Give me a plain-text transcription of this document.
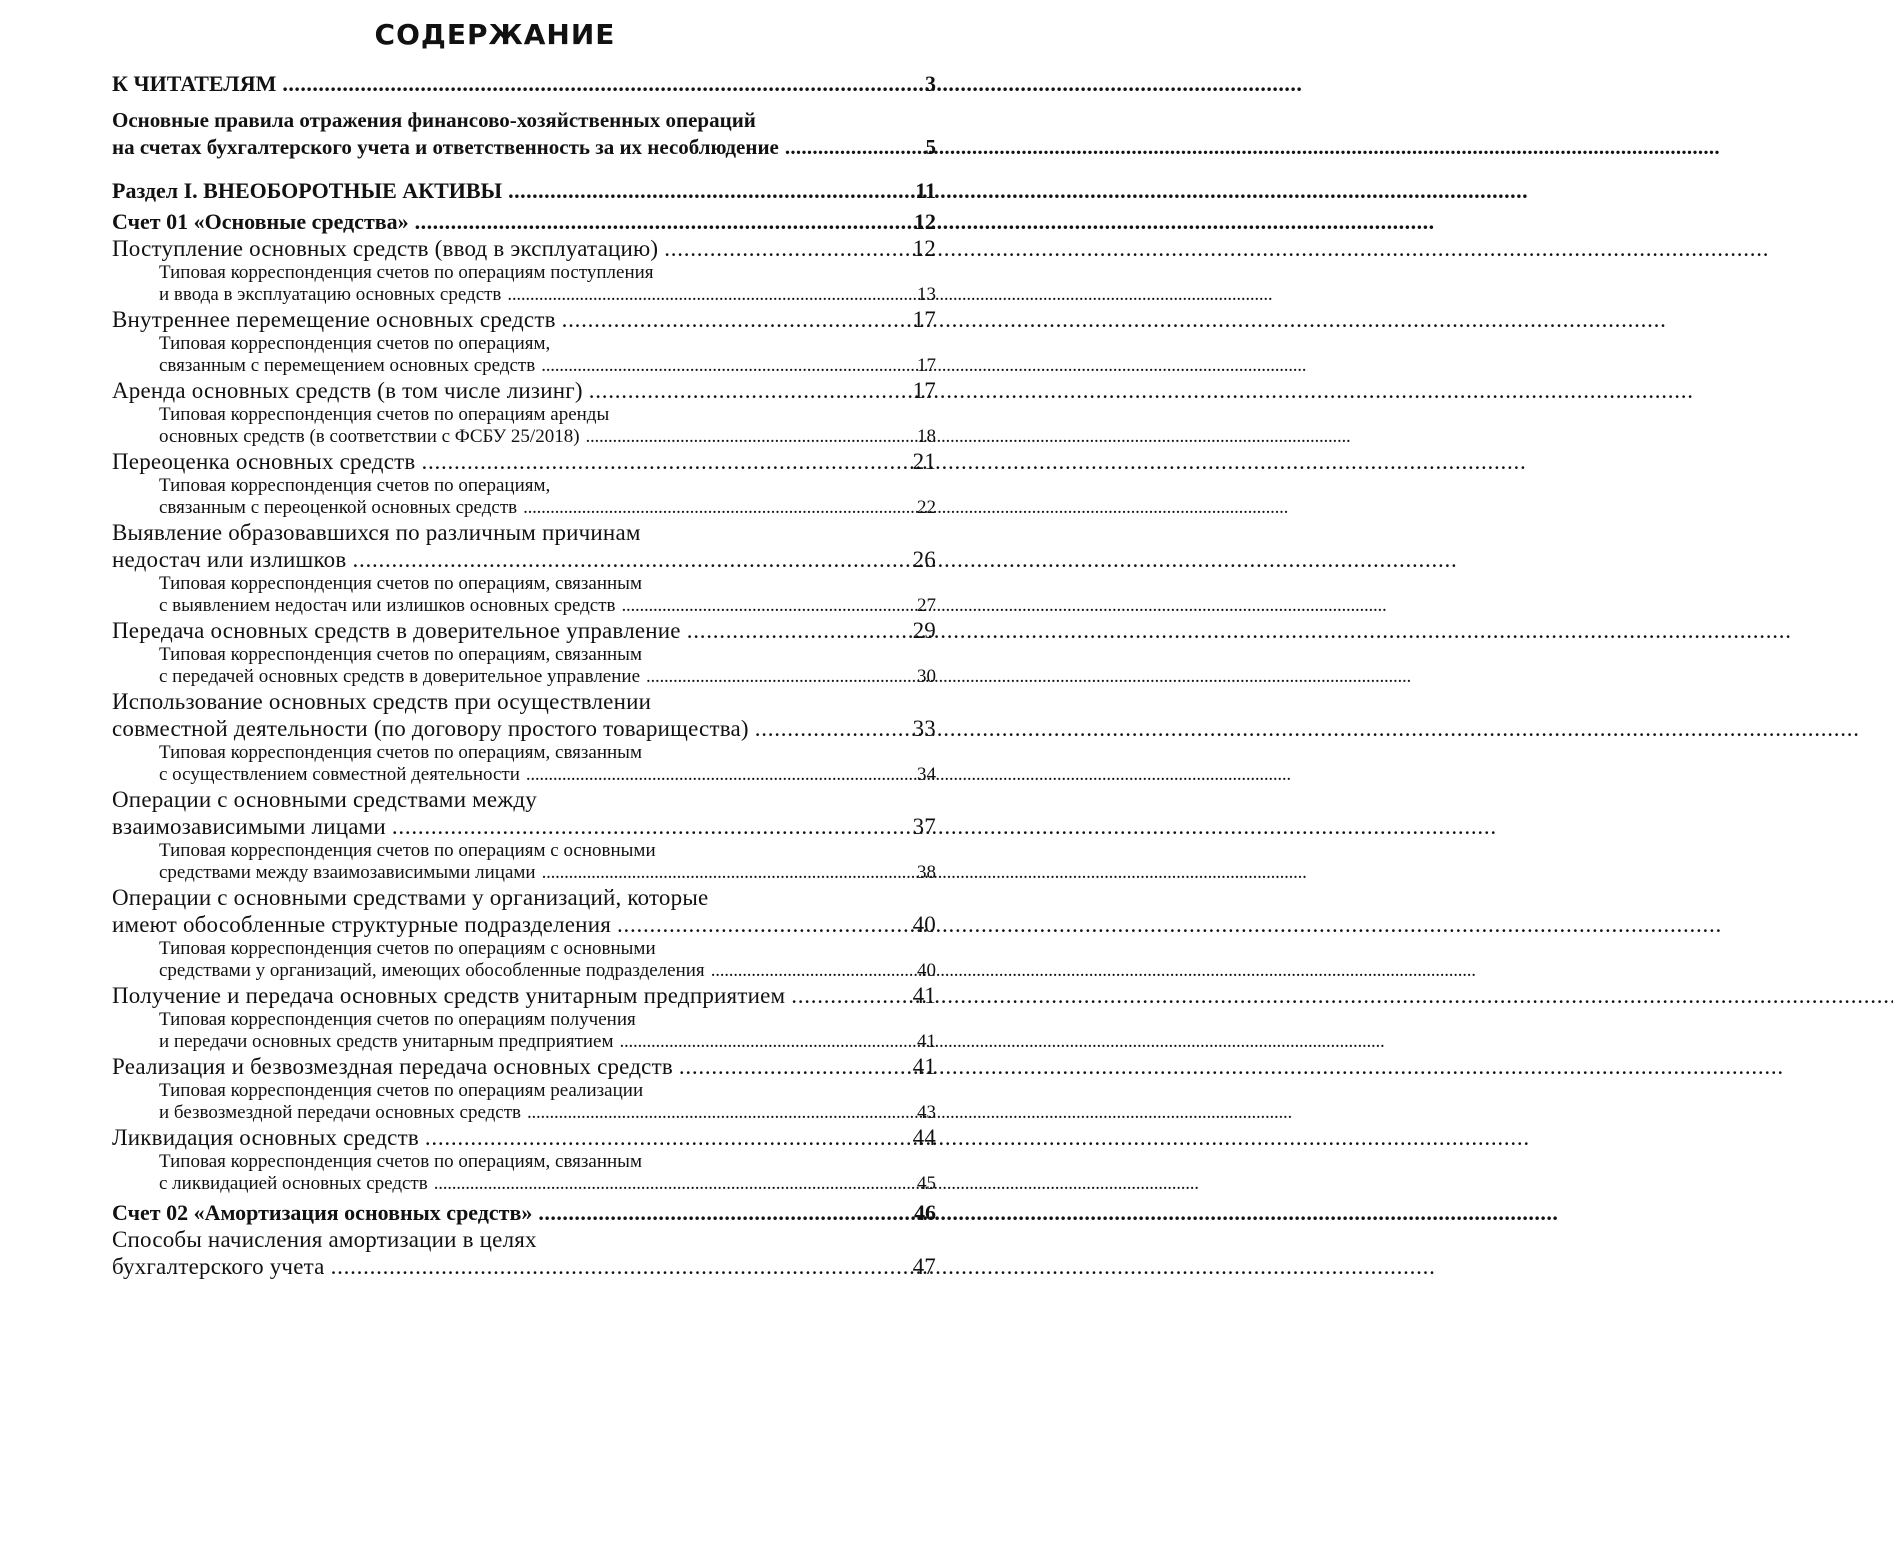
СОДЕРЖАНИЕ
К ЧИТАТЕЛЯМ . . .	3
Основные правила отражения финансово-хозяйственных операций
на счетах бухгалтерского учета и ответственность за их несоблюдение . . .	5
Раздел I. ВНЕОБОРОТНЫЕ АКТИВЫ . . .	11
Счет 01 «Основные средства» . . .	12
Поступление основных средств (ввод в эксплуатацию) . . .	12
Типовая корреспонденция счетов по операциям поступления
и ввода в эксплуатацию основных средств . . .	13
Внутреннее перемещение основных средств . . .	17
Типовая корреспонденция счетов по операциям,
связанным с перемещением основных средств . . .	17
Аренда основных средств (в том числе лизинг) . . .	17
Типовая корреспонденция счетов по операциям аренды
основных средств (в соответствии с ФСБУ 25/2018) . . .	18
Переоценка основных средств . . .	21
Типовая корреспонденция счетов по операциям,
связанным с переоценкой основных средств . . .	22
Выявление образовавшихся по различным причинам
недостач или излишков . . .	26
Типовая корреспонденция счетов по операциям, связанным
с выявлением недостач или излишков основных средств . . .	27
Передача основных средств в доверительное управление . . .	29
Типовая корреспонденция счетов по операциям, связанным
с передачей основных средств в доверительное управление . . .	30
Использование основных средств при осуществлении
совместной деятельности (по договору простого товарищества) . . .	33
Типовая корреспонденция счетов по операциям, связанным
с осуществлением совместной деятельности . . .	34
Операции с основными средствами между
взаимозависимыми лицами . . .	37
Типовая корреспонденция счетов по операциям с основными
средствами между взаимозависимыми лицами . . .	38
Операции с основными средствами у организаций, которые
имеют обособленные структурные подразделения . . .	40
Типовая корреспонденция счетов по операциям с основными
средствами у организаций, имеющих обособленные подразделения . . .	40
Получение и передача основных средств унитарным предприятием . . .	41
Типовая корреспонденция счетов по операциям получения
и передачи основных средств унитарным предприятием . . .	41
Реализация и безвозмездная передача основных средств . . .	41
Типовая корреспонденция счетов по операциям реализации
и безвозмездной передачи основных средств . . .	43
Ликвидация основных средств . . .	44
Типовая корреспонденция счетов по операциям, связанным
с ликвидацией основных средств . . .	45
Счет 02 «Амортизация основных средств» . . .	46
Способы начисления амортизации в целях
бухгалтерского учета . . .	47
